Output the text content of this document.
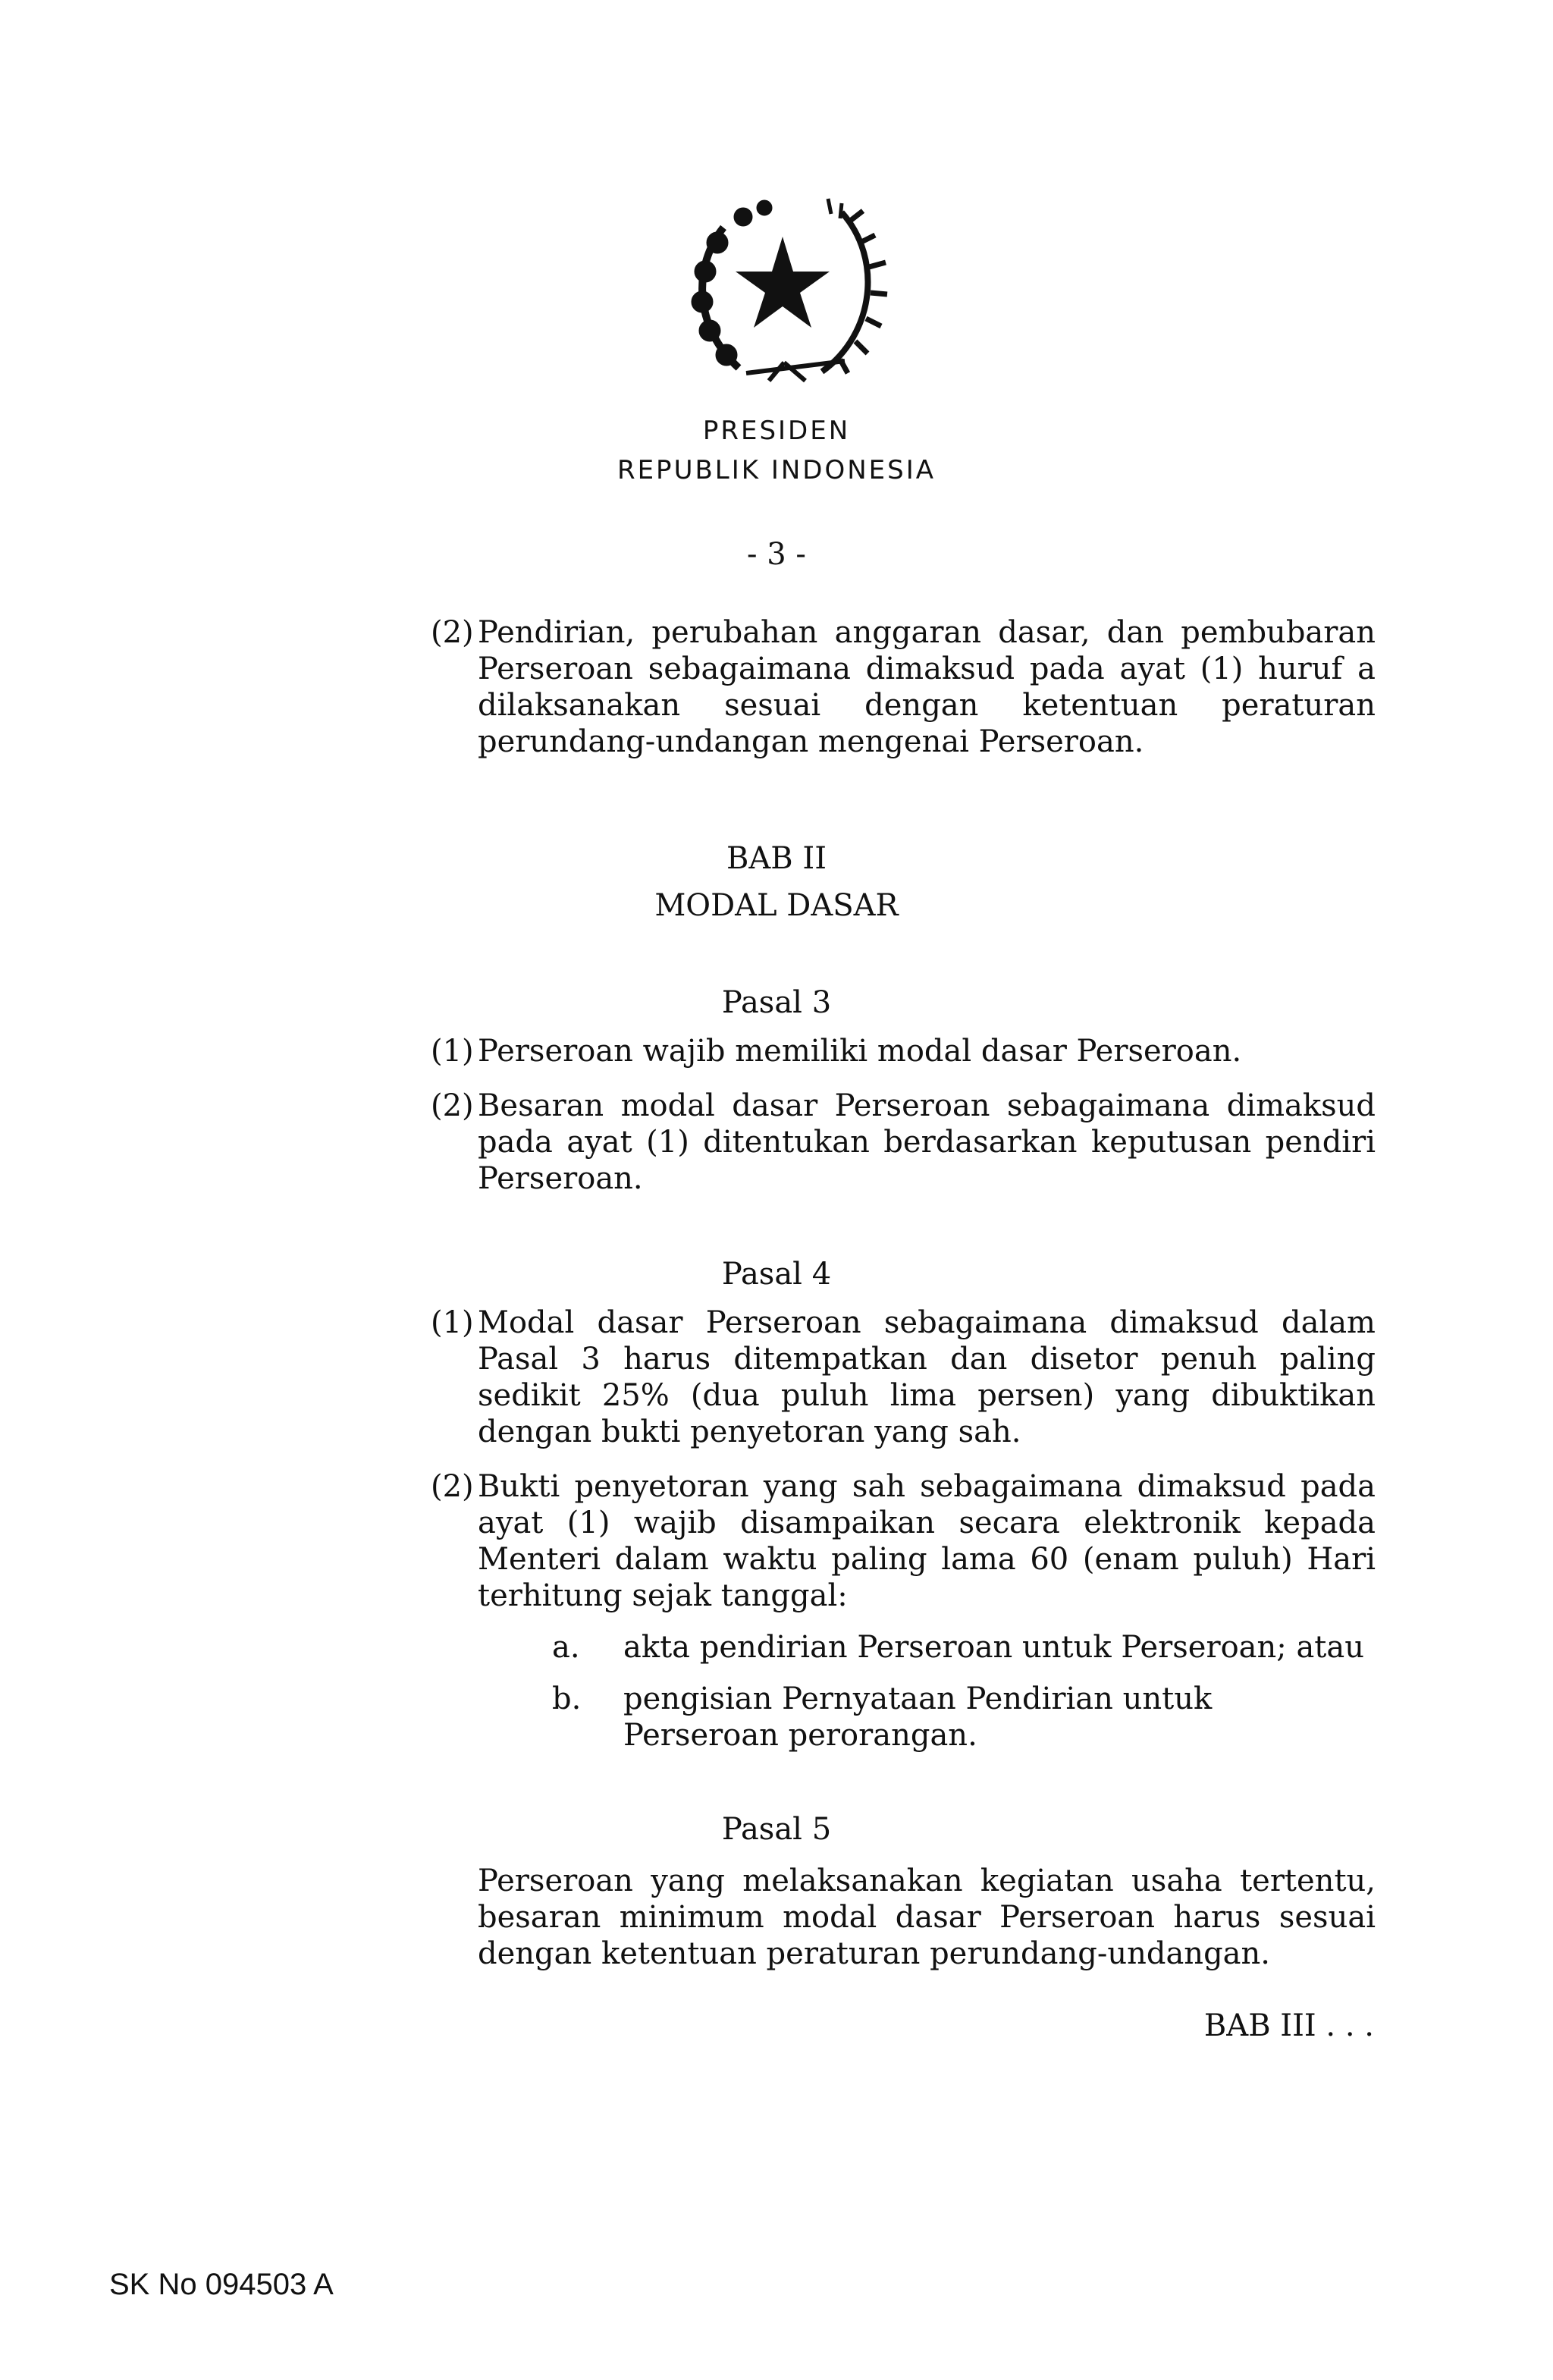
PRESIDEN
REPUBLIK INDONESIA
- 3 -
(2) Pendirian, perubahan anggaran dasar, dan pembubaran Perseroan sebagaimana dimaksud pada ayat (1) huruf a dilaksanakan sesuai dengan ketentuan peraturan perundang-undangan mengenai Perseroan.
BAB II
MODAL DASAR
Pasal 3
(1) Perseroan wajib memiliki modal dasar Perseroan.
(2) Besaran modal dasar Perseroan sebagaimana dimaksud pada ayat (1) ditentukan berdasarkan keputusan pendiri Perseroan.
Pasal 4
(1) Modal dasar Perseroan sebagaimana dimaksud dalam Pasal 3 harus ditempatkan dan disetor penuh paling sedikit 25% (dua puluh lima persen) yang dibuktikan dengan bukti penyetoran yang sah.
(2) Bukti penyetoran yang sah sebagaimana dimaksud pada ayat (1) wajib disampaikan secara elektronik kepada Menteri dalam waktu paling lama 60 (enam puluh) Hari terhitung sejak tanggal:
a. akta pendirian Perseroan untuk Perseroan; atau
b. pengisian Pernyataan Pendirian untuk Perseroan perorangan.
Pasal 5
Perseroan yang melaksanakan kegiatan usaha tertentu, besaran minimum modal dasar Perseroan harus sesuai dengan ketentuan peraturan perundang-undangan.
BAB III . . .
SK No 094503 A
